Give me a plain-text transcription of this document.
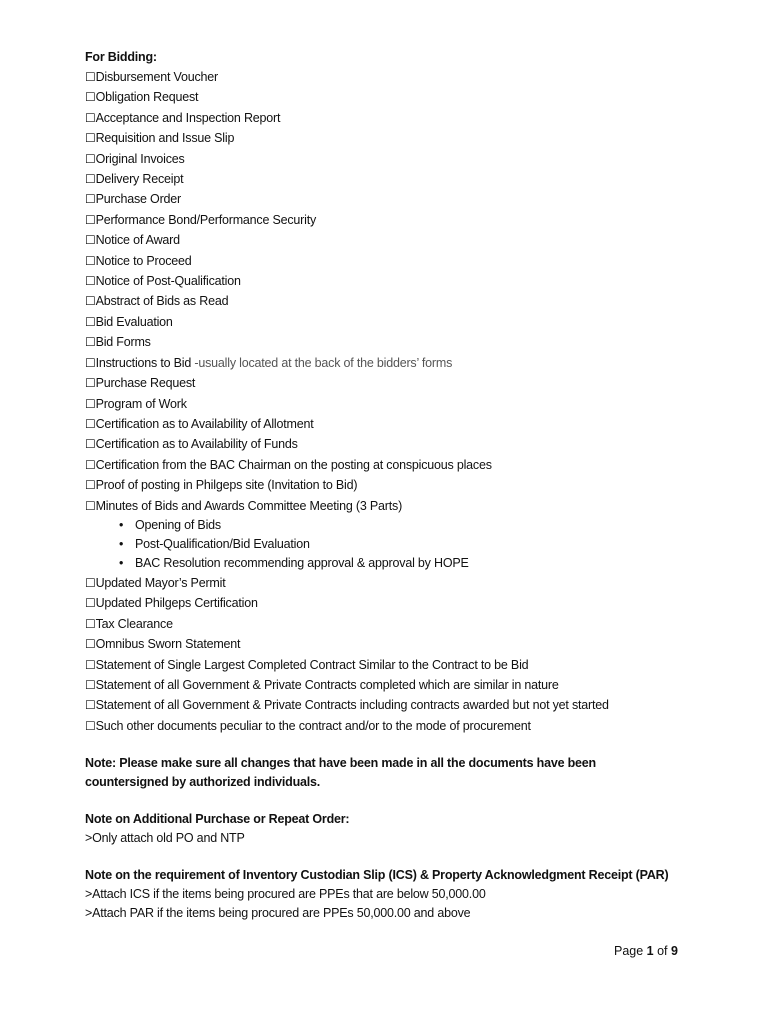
For Bidding:
☐Disbursement Voucher
☐Obligation Request
☐Acceptance and Inspection Report
☐Requisition and Issue Slip
☐Original Invoices
☐Delivery Receipt
☐Purchase Order
☐Performance Bond/Performance Security
☐Notice of Award
☐Notice to Proceed
☐Notice of Post-Qualification
☐Abstract of Bids as Read
☐Bid Evaluation
☐Bid Forms
☐Instructions to Bid -usually located at the back of the bidders’ forms
☐Purchase Request
☐Program of Work
☐Certification as to Availability of Allotment
☐Certification as to Availability of Funds
☐Certification from the BAC Chairman on the posting at conspicuous places
☐Proof of posting in Philgeps site (Invitation to Bid)
☐Minutes of Bids and Awards Committee Meeting (3 Parts)
• Opening of Bids
• Post-Qualification/Bid Evaluation
• BAC Resolution recommending approval & approval by HOPE
☐Updated Mayor’s Permit
☐Updated Philgeps Certification
☐Tax Clearance
☐Omnibus Sworn Statement
☐Statement of Single Largest Completed Contract Similar to the Contract to be Bid
☐Statement of all Government & Private Contracts completed which are similar in nature
☐Statement of all Government & Private Contracts including contracts awarded but not yet started
☐Such other documents peculiar to the contract and/or to the mode of procurement
Note: Please make sure all changes that have been made in all the documents have been
countersigned by authorized individuals.
Note on Additional Purchase or Repeat Order:
>Only attach old PO and NTP
Note on the requirement of Inventory Custodian Slip (ICS) & Property Acknowledgment Receipt (PAR)
>Attach ICS if the items being procured are PPEs that are below 50,000.00
>Attach PAR if the items being procured are PPEs 50,000.00 and above
Page 1 of 9
